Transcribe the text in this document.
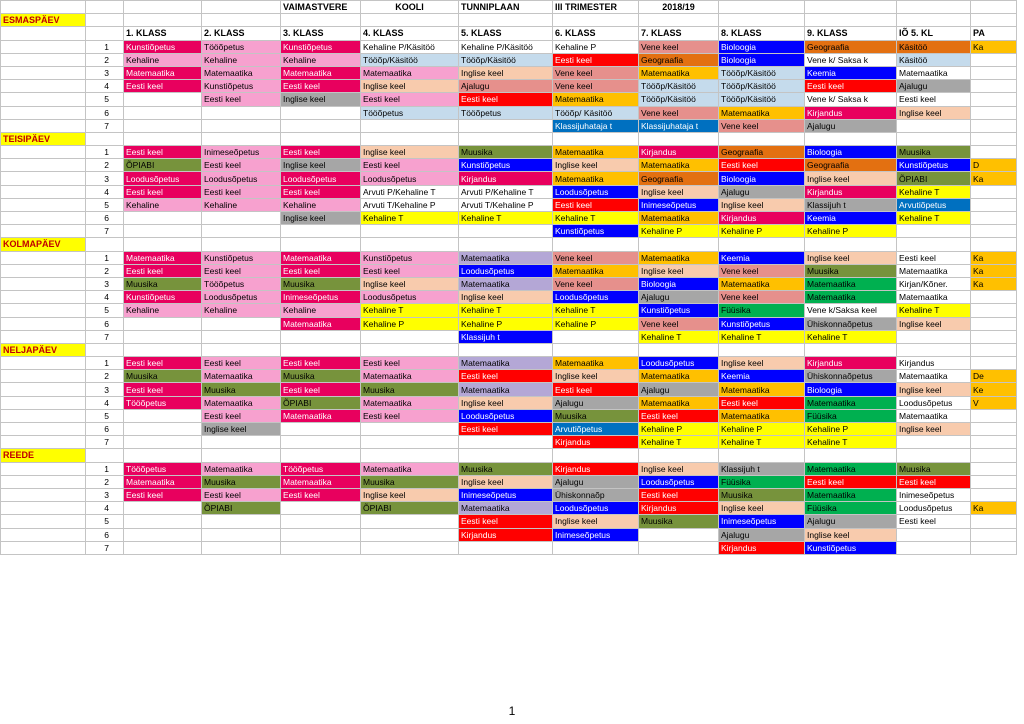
				VAIMASTVERE	KOOLI	TUNNIPLAAN	III TRIMESTER	2018/19				
ESMASPÄEV												
		1. KLASS	2. KLASS	3. KLASS	4. KLASS	5. KLASS	6. KLASS	7. KLASS	8. KLASS	9. KLASS	IÕ 5. KL	PA
	1	Kunstiõpetus	Tööõpetus	Kunstiõpetus	Kehaline P/Käsitöö	Kehaline P/Käsitöö	Kehaline P	Vene keel	Bioloogia	Geograafia	Käsitöö	Ka
	2	Kehaline	Kehaline	Kehaline	Tööõp/Käsitöö	Tööõp/Käsitöö	Eesti keel	Geograafia	Bioloogia	Vene k/ Saksa k	Käsitöö	
	3	Matemaatika	Matemaatika	Matemaatika	Matemaatika	Inglise keel	Vene keel	Matemaatika	Tööõp/Käsitöö	Keemia	Matemaatika	
	4	Eesti keel	Kunstiõpetus	Eesti keel	Inglise keel	Ajalugu	Vene keel	Tööõp/Käsitöö	Tööõp/Käsitöö	Eesti keel	Ajalugu	
	5		Eesti keel	Inglise keel	Eesti keel	Eesti keel	Matemaatika	Tööõp/Käsitöö	Tööõp/Käsitöö	Vene k/ Saksa k	Eesti keel	
	6				Tööõpetus	Tööõpetus	Tööõp/ Käsitöö	Vene keel	Matemaatika	Kirjandus	Inglise keel	
	7						Klassijuhataja t	Klassijuhataja t	Vene keel	Ajalugu		
TEISIPÄEV												
	1	Eesti keel	Inimeseõpetus	Eesti keel	Inglise keel	Muusika	Matemaatika	Kirjandus	Geograafia	Bioloogia	Muusika	
	2	ÕPIABI	Eesti keel	Inglise keel	Eesti keel	Kunstiõpetus	Inglise keel	Matemaatika	Eesti keel	Geograafia	Kunstiõpetus	D
	3	Loodusõpetus	Loodusõpetus	Loodusõpetus	Loodusõpetus	Kirjandus	Matemaatika	Geograafia	Bioloogia	Inglise keel	ÕPIABI	Ka
	4	Eesti keel	Eesti keel	Eesti keel	Arvuti P/Kehaline T	Arvuti P/Kehaline T	Loodusõpetus	Inglise keel	Ajalugu	Kirjandus	Kehaline T	
	5	Kehaline	Kehaline	Kehaline	Arvuti T/Kehaline P	Arvuti T/Kehaline P	Eesti keel	Inimeseõpetus	Inglise keel	Klassijuh t	Arvutiõpetus	
	6			Inglise keel	Kehaline T	Kehaline T	Kehaline T	Matemaatika	Kirjandus	Keemia	Kehaline T	
	7						Kunstiõpetus	Kehaline P	Kehaline P	Kehaline P		
KOLMAPÄEV												
	1	Matemaatika	Kunstiõpetus	Matemaatika	Kunstiõpetus	Matemaatika	Vene keel	Matemaatika	Keemia	Inglise keel	Eesti keel	Ka
	2	Eesti keel	Eesti keel	Eesti keel	Eesti keel	Loodusõpetus	Matemaatika	Inglise keel	Vene keel	Muusika	Matemaatika	Ka
	3	Muusika	Tööõpetus	Muusika	Inglise keel	Matemaatika	Vene keel	Bioloogia	Matemaatika	Matemaatika	Kirjan/Kõner.	Ka
	4	Kunstiõpetus	Loodusõpetus	Inimeseõpetus	Loodusõpetus	Inglise keel	Loodusõpetus	Ajalugu	Vene keel	Matemaatika	Matemaatika	
	5	Kehaline	Kehaline	Kehaline	Kehaline T	Kehaline T	Kehaline T	Kunstiõpetus	Füüsika	Vene k/Saksa keel	Kehaline T	
	6			Matemaatika	Kehaline P	Kehaline P	Kehaline P	Vene keel	Kunstiõpetus	Ühiskonnaõpetus	Inglise keel	
	7					Klassijuh t		Kehaline T	Kehaline T	Kehaline T		
NELJAPÄEV												
	1	Eesti keel	Eesti keel	Eesti keel	Eesti keel	Matemaatika	Matemaatika	Loodusõpetus	Inglise keel	Kirjandus	Kirjandus	
	2	Muusika	Matemaatika	Muusika	Matemaatika	Eesti keel	Inglise keel	Matemaatika	Keemia	Ühiskonnaõpetus	Matemaatika	De
	3	Eesti keel	Muusika	Eesti keel	Muusika	Matemaatika	Eesti keel	Ajalugu	Matemaatika	Bioloogia	Inglise keel	Ke
	4	Tööõpetus	Matemaatika	ÕPIABI	Matemaatika	Inglise keel	Ajalugu	Matemaatika	Eesti keel	Matemaatika	Loodusõpetus	V
	5		Eesti keel	Matemaatika	Eesti keel	Loodusõpetus	Muusika	Eesti keel	Matemaatika	Füüsika	Matemaatika	
	6		Inglise keel			Eesti keel	Arvutiõpetus	Kehaline P	Kehaline P	Kehaline P	Inglise keel	
	7						Kirjandus	Kehaline T	Kehaline T	Kehaline T		
REEDE												
	1	Tööõpetus	Matemaatika	Tööõpetus	Matemaatika	Muusika	Kirjandus	Inglise keel	Klassijuh t	Matemaatika	Muusika	
	2	Matemaatika	Muusika	Matemaatika	Muusika	Inglise keel	Ajalugu	Loodusõpetus	Füüsika	Eesti keel	Eesti keel	
	3	Eesti keel	Eesti keel	Eesti keel	Inglise keel	Inimeseõpetus	Ühiskonnaõp	Eesti keel	Muusika	Matemaatika	Inimeseõpetus	
	4		ÕPIABI		ÕPIABI	Matemaatika	Loodusõpetus	Kirjandus	Inglise keel	Füüsika	Loodusõpetus	Ka
	5					Eesti keel	Inglise keel	Muusika	Inimeseõpetus	Ajalugu	Eesti keel	
	6					Kirjandus	Inimeseõpetus		Ajalugu	Inglise keel		
	7								Kirjandus	Kunstiõpetus		
1
